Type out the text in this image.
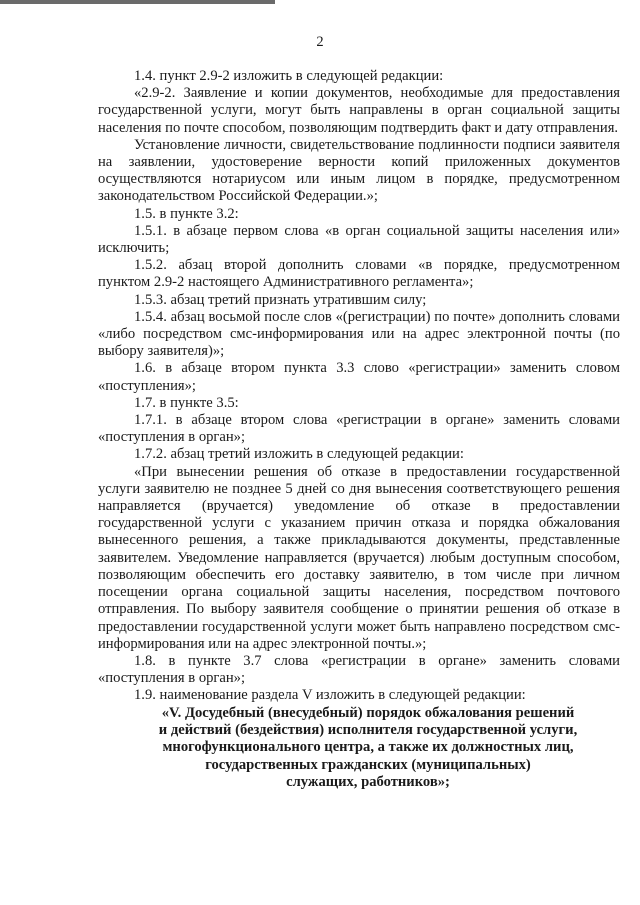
2

1.4. пункт 2.9-2 изложить в следующей редакции:

«2.9-2. Заявление и копии документов, необходимые для предоставления государственной услуги, могут быть направлены в орган социальной защиты населения по почте способом, позволяющим подтвердить факт и дату отправления.

Установление личности, свидетельствование подлинности подписи заявителя на заявлении, удостоверение верности копий приложенных документов осуществляются нотариусом или иным лицом в порядке, предусмотренном законодательством Российской Федерации.»;

1.5. в пункте 3.2:

1.5.1. в абзаце первом слова «в орган социальной защиты населения или» исключить;

1.5.2. абзац второй дополнить словами «в порядке, предусмотренном пунктом 2.9-2 настоящего Административного регламента»;

1.5.3. абзац третий признать утратившим силу;

1.5.4. абзац восьмой после слов «(регистрации) по почте» дополнить словами «либо посредством смс-информирования или на адрес электронной почты (по выбору заявителя)»;

1.6. в абзаце втором пункта 3.3 слово «регистрации» заменить словом «поступления»;

1.7. в пункте 3.5:

1.7.1. в абзаце втором слова «регистрации в органе» заменить словами «поступления в орган»;

1.7.2. абзац третий изложить в следующей редакции:

«При вынесении решения об отказе в предоставлении государственной услуги заявителю не позднее 5 дней со дня вынесения соответствующего решения направляется (вручается) уведомление об отказе в предоставлении государственной услуги с указанием причин отказа и порядка обжалования вынесенного решения, а также прикладываются документы, представленные заявителем. Уведомление направляется (вручается) любым доступным способом, позволяющим обеспечить его доставку заявителю, в том числе при личном посещении органа социальной защиты населения, посредством почтового отправления. По выбору заявителя сообщение о принятии решения об отказе в предоставлении государственной услуги может быть направлено посредством смс-информирования или на адрес электронной почты.»;

1.8. в пункте 3.7 слова «регистрации в органе» заменить словами «поступления в орган»;

1.9. наименование раздела V изложить в следующей редакции:

«V. Досудебный (внесудебный) порядок обжалования решений
и действий (бездействия) исполнителя государственной услуги,
многофункционального центра, а также их должностных лиц,
государственных гражданских (муниципальных)
служащих, работников»;
